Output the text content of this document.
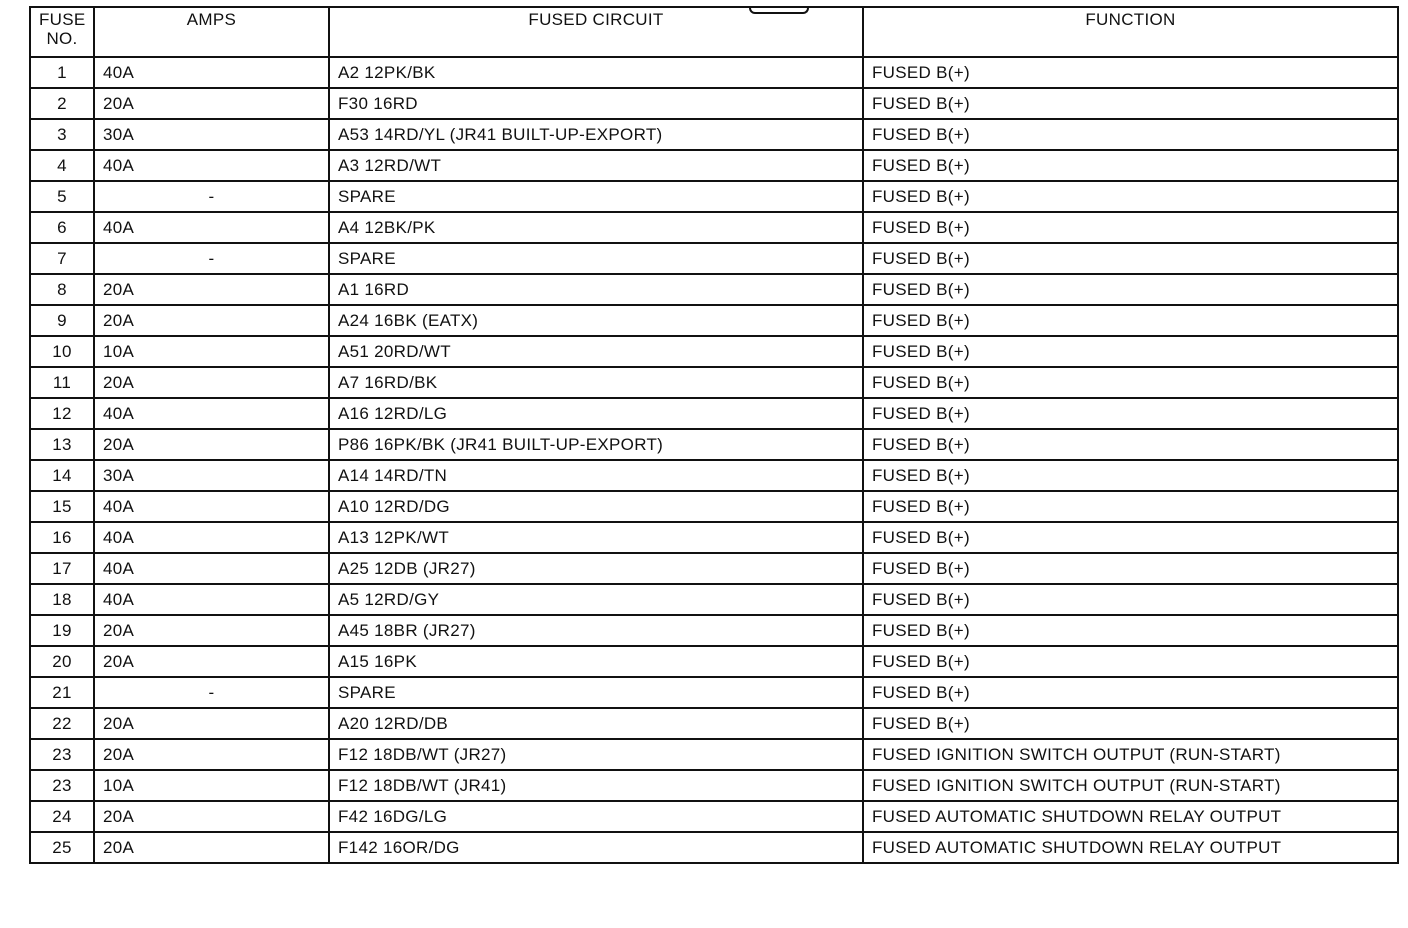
FUSE NO.	AMPS	FUSED CIRCUIT	FUNCTION
1	40A	A2 12PK/BK	FUSED B(+)
2	20A	F30 16RD	FUSED B(+)
3	30A	A53 14RD/YL (JR41 BUILT-UP-EXPORT)	FUSED B(+)
4	40A	A3 12RD/WT	FUSED B(+)
5	-	SPARE	FUSED B(+)
6	40A	A4 12BK/PK	FUSED B(+)
7	-	SPARE	FUSED B(+)
8	20A	A1 16RD	FUSED B(+)
9	20A	A24 16BK (EATX)	FUSED B(+)
10	10A	A51 20RD/WT	FUSED B(+)
11	20A	A7 16RD/BK	FUSED B(+)
12	40A	A16 12RD/LG	FUSED B(+)
13	20A	P86 16PK/BK (JR41 BUILT-UP-EXPORT)	FUSED B(+)
14	30A	A14 14RD/TN	FUSED B(+)
15	40A	A10 12RD/DG	FUSED B(+)
16	40A	A13 12PK/WT	FUSED B(+)
17	40A	A25 12DB (JR27)	FUSED B(+)
18	40A	A5 12RD/GY	FUSED B(+)
19	20A	A45 18BR (JR27)	FUSED B(+)
20	20A	A15 16PK	FUSED B(+)
21	-	SPARE	FUSED B(+)
22	20A	A20 12RD/DB	FUSED B(+)
23	20A	F12 18DB/WT (JR27)	FUSED IGNITION SWITCH OUTPUT (RUN-START)
23	10A	F12 18DB/WT (JR41)	FUSED IGNITION SWITCH OUTPUT (RUN-START)
24	20A	F42 16DG/LG	FUSED AUTOMATIC SHUTDOWN RELAY OUTPUT
25	20A	F142 16OR/DG	FUSED AUTOMATIC SHUTDOWN RELAY OUTPUT
